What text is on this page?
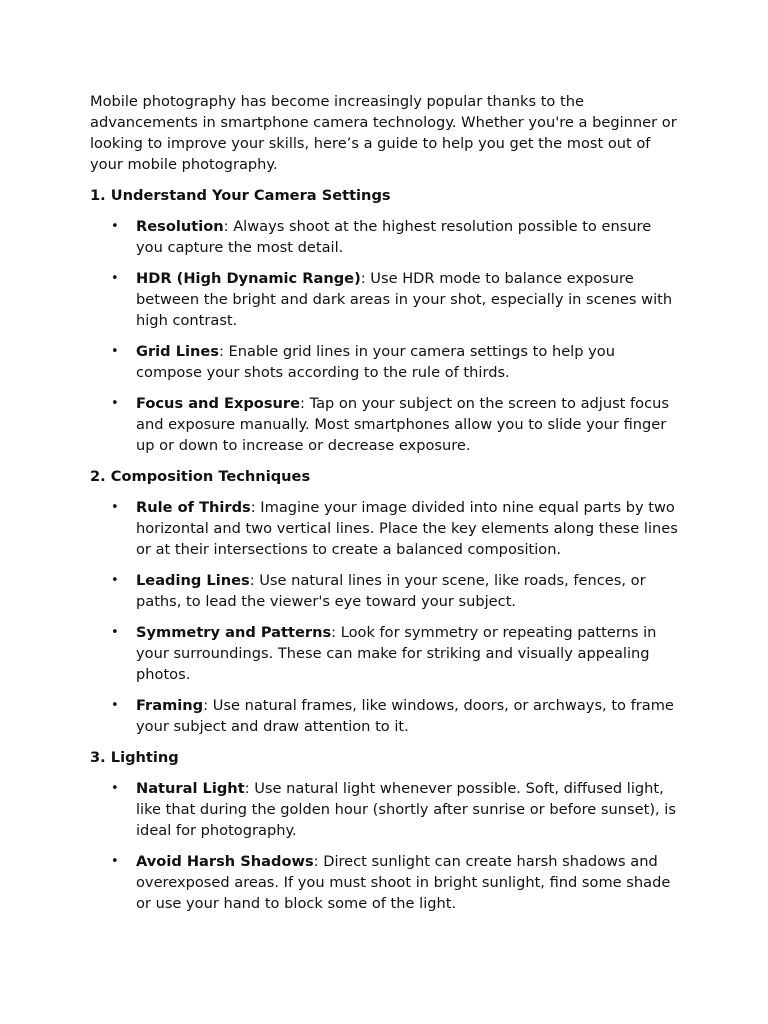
Mobile photography has become increasingly popular thanks to the advancements in smartphone camera technology. Whether you're a beginner or looking to improve your skills, here’s a guide to help you get the most out of your mobile photography.

1. Understand Your Camera Settings
• Resolution: Always shoot at the highest resolution possible to ensure you capture the most detail.
• HDR (High Dynamic Range): Use HDR mode to balance exposure between the bright and dark areas in your shot, especially in scenes with high contrast.
• Grid Lines: Enable grid lines in your camera settings to help you compose your shots according to the rule of thirds.
• Focus and Exposure: Tap on your subject on the screen to adjust focus and exposure manually. Most smartphones allow you to slide your finger up or down to increase or decrease exposure.
2. Composition Techniques
• Rule of Thirds: Imagine your image divided into nine equal parts by two horizontal and two vertical lines. Place the key elements along these lines or at their intersections to create a balanced composition.
• Leading Lines: Use natural lines in your scene, like roads, fences, or paths, to lead the viewer's eye toward your subject.
• Symmetry and Patterns: Look for symmetry or repeating patterns in your surroundings. These can make for striking and visually appealing photos.
• Framing: Use natural frames, like windows, doors, or archways, to frame your subject and draw attention to it.
3. Lighting
• Natural Light: Use natural light whenever possible. Soft, diffused light, like that during the golden hour (shortly after sunrise or before sunset), is ideal for photography.
• Avoid Harsh Shadows: Direct sunlight can create harsh shadows and overexposed areas. If you must shoot in bright sunlight, find some shade or use your hand to block some of the light.
